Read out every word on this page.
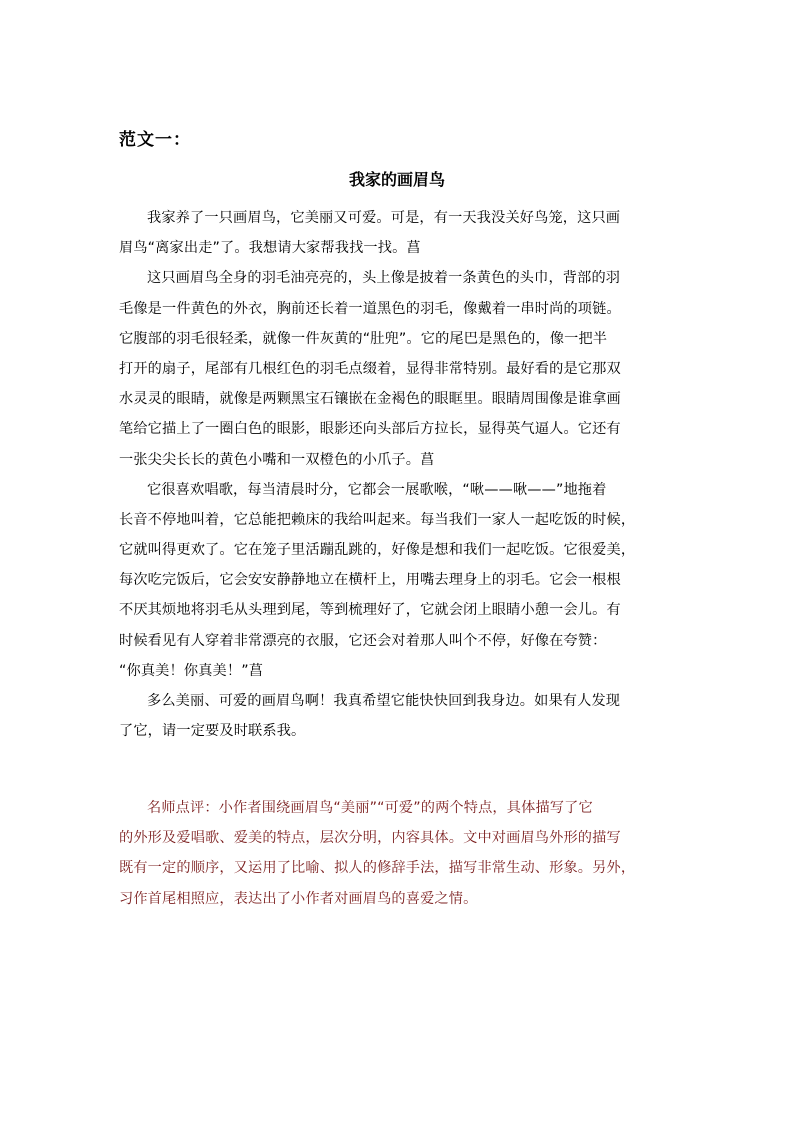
范文一：
我家的画眉鸟
我家养了一只画眉鸟，它美丽又可爱。可是，有一天我没关好鸟笼，这只画
眉鸟“离家出走”了。我想请大家帮我找一找。菖
这只画眉鸟全身的羽毛油亮亮的，头上像是披着一条黄色的头巾，背部的羽
毛像是一件黄色的外衣，胸前还长着一道黑色的羽毛，像戴着一串时尚的项链。
它腹部的羽毛很轻柔，就像一件灰黄的“肚兜”。它的尾巴是黑色的，像一把半
打开的扇子，尾部有几根红色的羽毛点缀着，显得非常特别。最好看的是它那双
水灵灵的眼睛，就像是两颗黑宝石镶嵌在金褐色的眼眶里。眼睛周围像是谁拿画
笔给它描上了一圈白色的眼影，眼影还向头部后方拉长，显得英气逼人。它还有
一张尖尖长长的黄色小嘴和一双橙色的小爪子。菖
它很喜欢唱歌，每当清晨时分，它都会一展歌喉，“啾——啾——”地拖着
长音不停地叫着，它总能把赖床的我给叫起来。每当我们一家人一起吃饭的时候，
它就叫得更欢了。它在笼子里活蹦乱跳的，好像是想和我们一起吃饭。它很爱美，
每次吃完饭后，它会安安静静地立在横杆上，用嘴去理身上的羽毛。它会一根根
不厌其烦地将羽毛从头理到尾，等到梳理好了，它就会闭上眼睛小憩一会儿。有
时候看见有人穿着非常漂亮的衣服，它还会对着那人叫个不停，好像在夸赞：
“你真美！你真美！”菖
多么美丽、可爱的画眉鸟啊！我真希望它能快快回到我身边。如果有人发现
了它，请一定要及时联系我。
名师点评：小作者围绕画眉鸟“美丽”“可爱”的两个特点，具体描写了它
的外形及爱唱歌、爱美的特点，层次分明，内容具体。文中对画眉鸟外形的描写
既有一定的顺序，又运用了比喻、拟人的修辞手法，描写非常生动、形象。另外，
习作首尾相照应，表达出了小作者对画眉鸟的喜爱之情。
